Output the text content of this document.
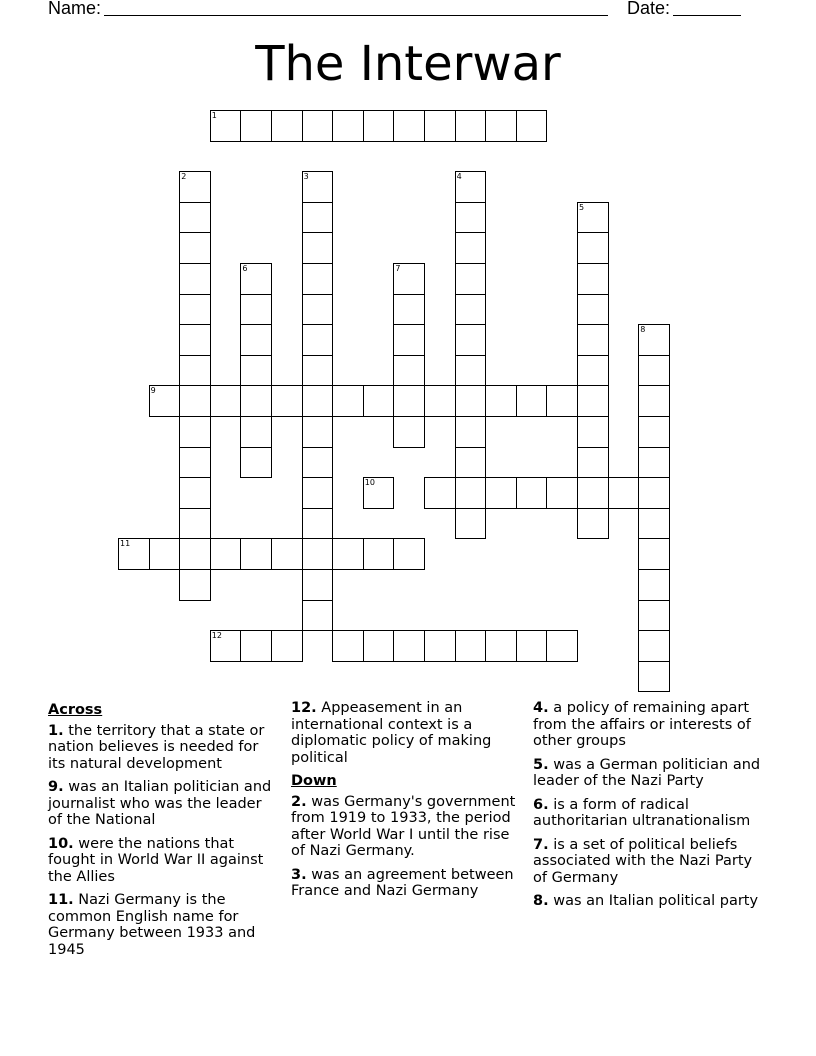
Name:	Date:
The Interwar
1
2	3	4
5
6	7
8
9
10
11
12
Across
1. the territory that a state or nation believes is needed for its natural development
9. was an Italian politician and journalist who was the leader of the National
10. were the nations that fought in World War II against the Allies
11. Nazi Germany is the common English name for Germany between 1933 and 1945
12. Appeasement in an international context is a diplomatic policy of making political
Down
2. was Germany's government from 1919 to 1933, the period after World War I until the rise of Nazi Germany.
3. was an agreement between France and Nazi Germany
4. a policy of remaining apart from the affairs or interests of other groups
5. was a German politician and leader of the Nazi Party
6. is a form of radical authoritarian ultranationalism
7. is a set of political beliefs associated with the Nazi Party of Germany
8. was an Italian political party
